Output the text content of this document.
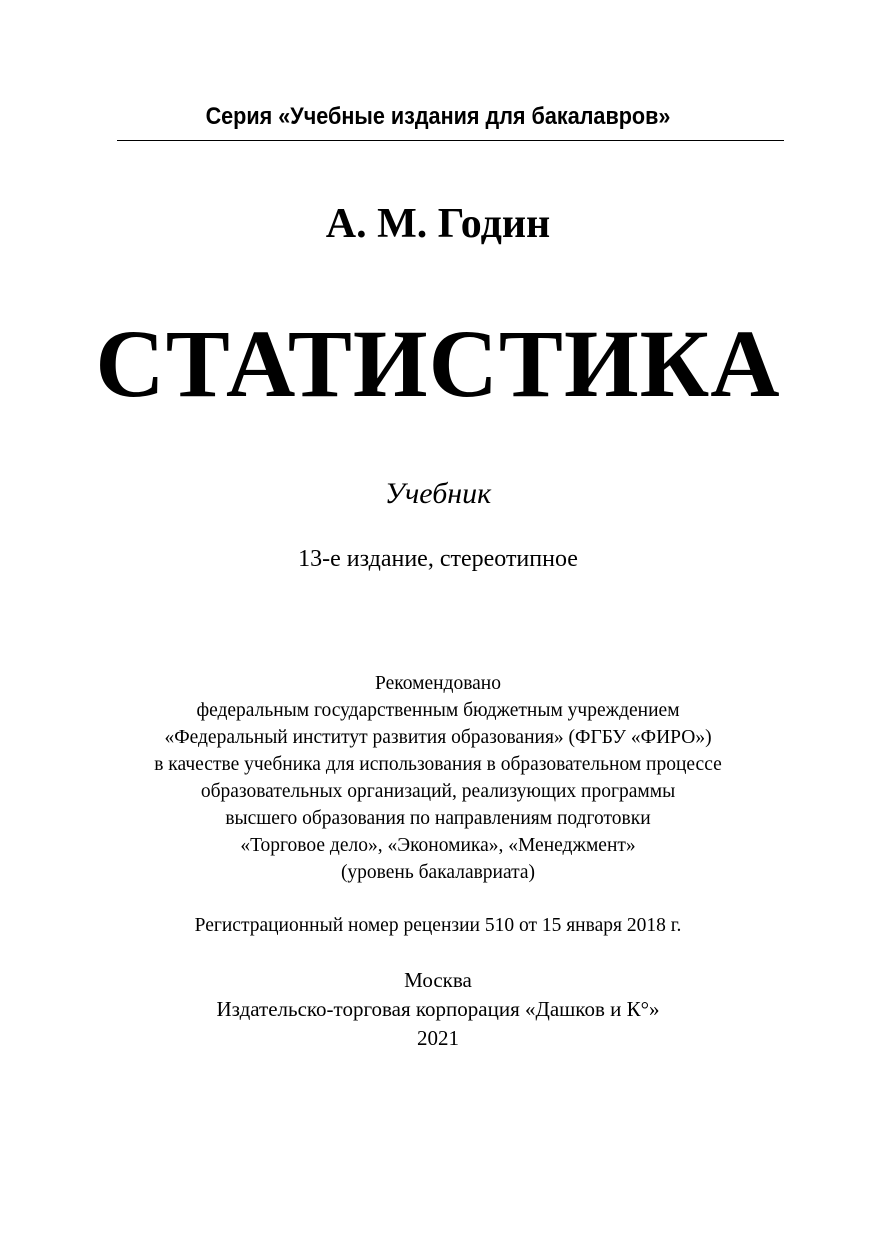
Серия «Учебные издания для бакалавров»
А. М. Годин
СТАТИСТИКА
Учебник
13-е издание, стереотипное
Рекомендовано
федеральным государственным бюджетным учреждением
«Федеральный институт развития образования» (ФГБУ «ФИРО»)
в качестве учебника для использования в образовательном процессе
образовательных организаций, реализующих программы
высшего образования по направлениям подготовки
«Торговое дело», «Экономика», «Менеджмент»
(уровень бакалавриата)
Регистрационный номер рецензии 510 от 15 января 2018 г.
Москва
Издательско-торговая корпорация «Дашков и К°»
2021
